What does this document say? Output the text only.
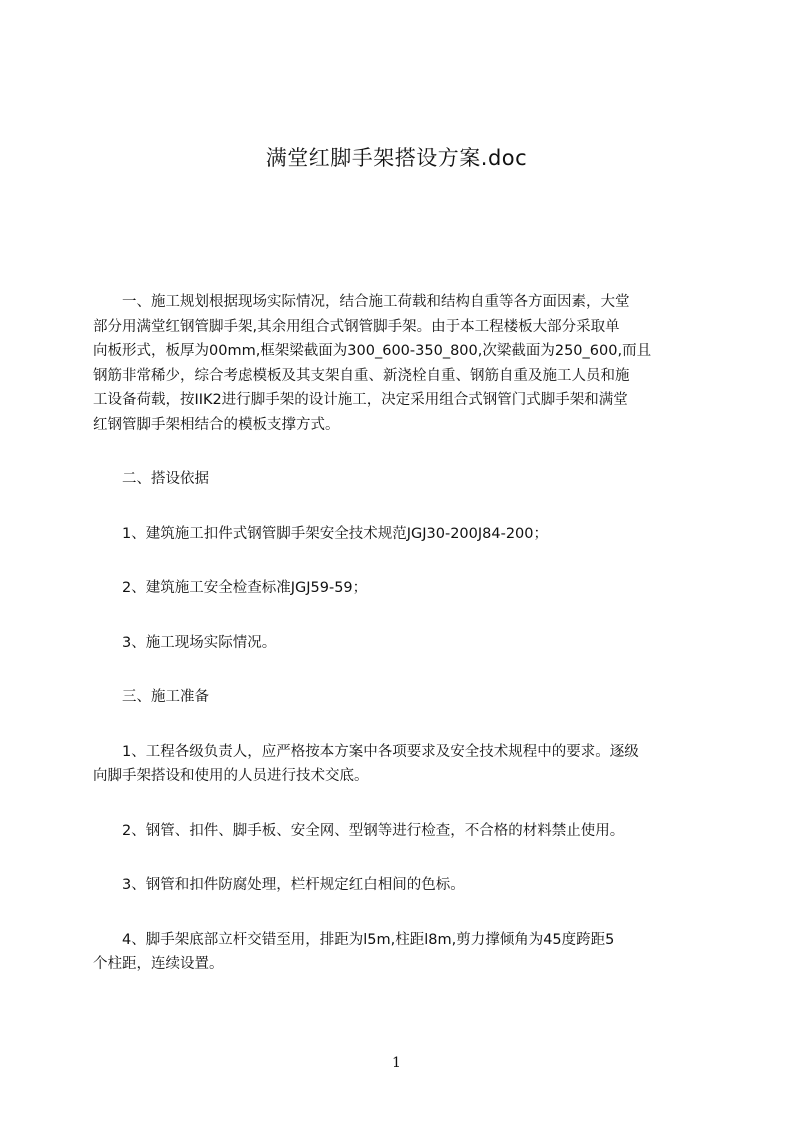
满堂红脚手架搭设方案.doc

　　一、施工规划根据现场实际情况，结合施工荷载和结构自重等各方面因素，大堂
部分用满堂红钢管脚手架,其余用组合式钢管脚手架。由于本工程楼板大部分采取单
向板形式，板厚为00mm,框架梁截面为300_600-350_800,次梁截面为250_600,而且
钢筋非常稀少，综合考虑模板及其支架自重、新浇栓自重、钢筋自重及施工人员和施
工设备荷载，按IIK2进行脚手架的设计施工，决定采用组合式钢管门式脚手架和满堂
红钢管脚手架相结合的模板支撑方式。

　　二、搭设依据

　　1、建筑施工扣件式钢管脚手架安全技术规范JGJ30-200J84-200；

　　2、建筑施工安全检查标准JGJ59-59；

　　3、施工现场实际情况。

　　三、施工准备

　　1、工程各级负责人，应严格按本方案中各项要求及安全技术规程中的要求。逐级
向脚手架搭设和使用的人员进行技术交底。

　　2、钢管、扣件、脚手板、安全网、型钢等进行检查，不合格的材料禁止使用。

　　3、钢管和扣件防腐处理，栏杆规定红白相间的色标。

　　4、脚手架底部立杆交错至用，排距为l5m,柱距l8m,剪力撑倾角为45度跨距5
个柱距，连续设置。

1
